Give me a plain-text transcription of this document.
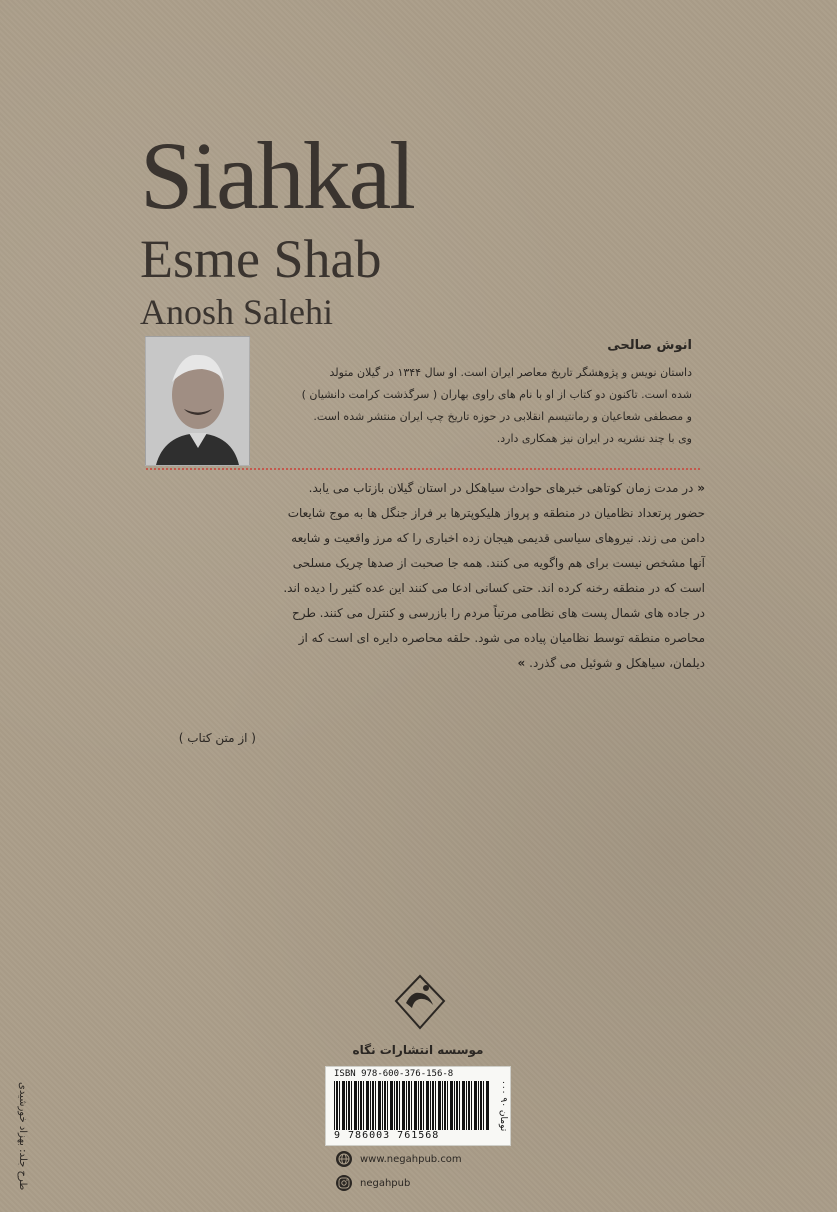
Siahkal
Esme Shab
Anosh Salehi
انوش صالحی
داستان نویس و پژوهشگر تاریخ معاصر ایران است. او سال ۱۳۴۴ در گیلان متولد
شده است. تاکنون دو کتاب از او با نام های راوی بهاران ( سرگذشت کرامت دانشیان )
و مصطفی شعاعیان و رمانتیسم انقلابی در حوزه تاریخ چپ ایران منتشر شده است.
وی با چند نشریه در ایران نیز همکاری دارد.
« در مدت زمان کوتاهی خبرهای حوادث سیاهکل در استان گیلان بازتاب می یابد.
حضور پرتعداد نظامیان در منطقه و پرواز هلیکوپترها بر فراز جنگل ها به موج شایعات
دامن می زند. نیروهای سیاسی قدیمی هیجان زده اخباری را که مرز واقعیت و شایعه
آنها مشخص نیست برای هم واگویه می کنند. همه جا صحبت از صدها چریک مسلحی
است که در منطقه رخنه کرده اند. حتی کسانی ادعا می کنند این عده کثیر را دیده اند.
در جاده های شمال پست های نظامی مرتباً مردم را بازرسی و کنترل می کنند. طرح
محاصره منطقه توسط نظامیان پیاده می شود. حلقه محاصره دایره ای است که از
دیلمان، سیاهکل و شوئیل می گذرد. »
( از متن کتاب )
موسسه انتشارات نگاه
ISBN 978-600-376-156-8
9 786003 761568
۰۰۰ ۹۰ تومان
www.negahpub.com
negahpub
طرح جلد: بهزاد خورشیدی
